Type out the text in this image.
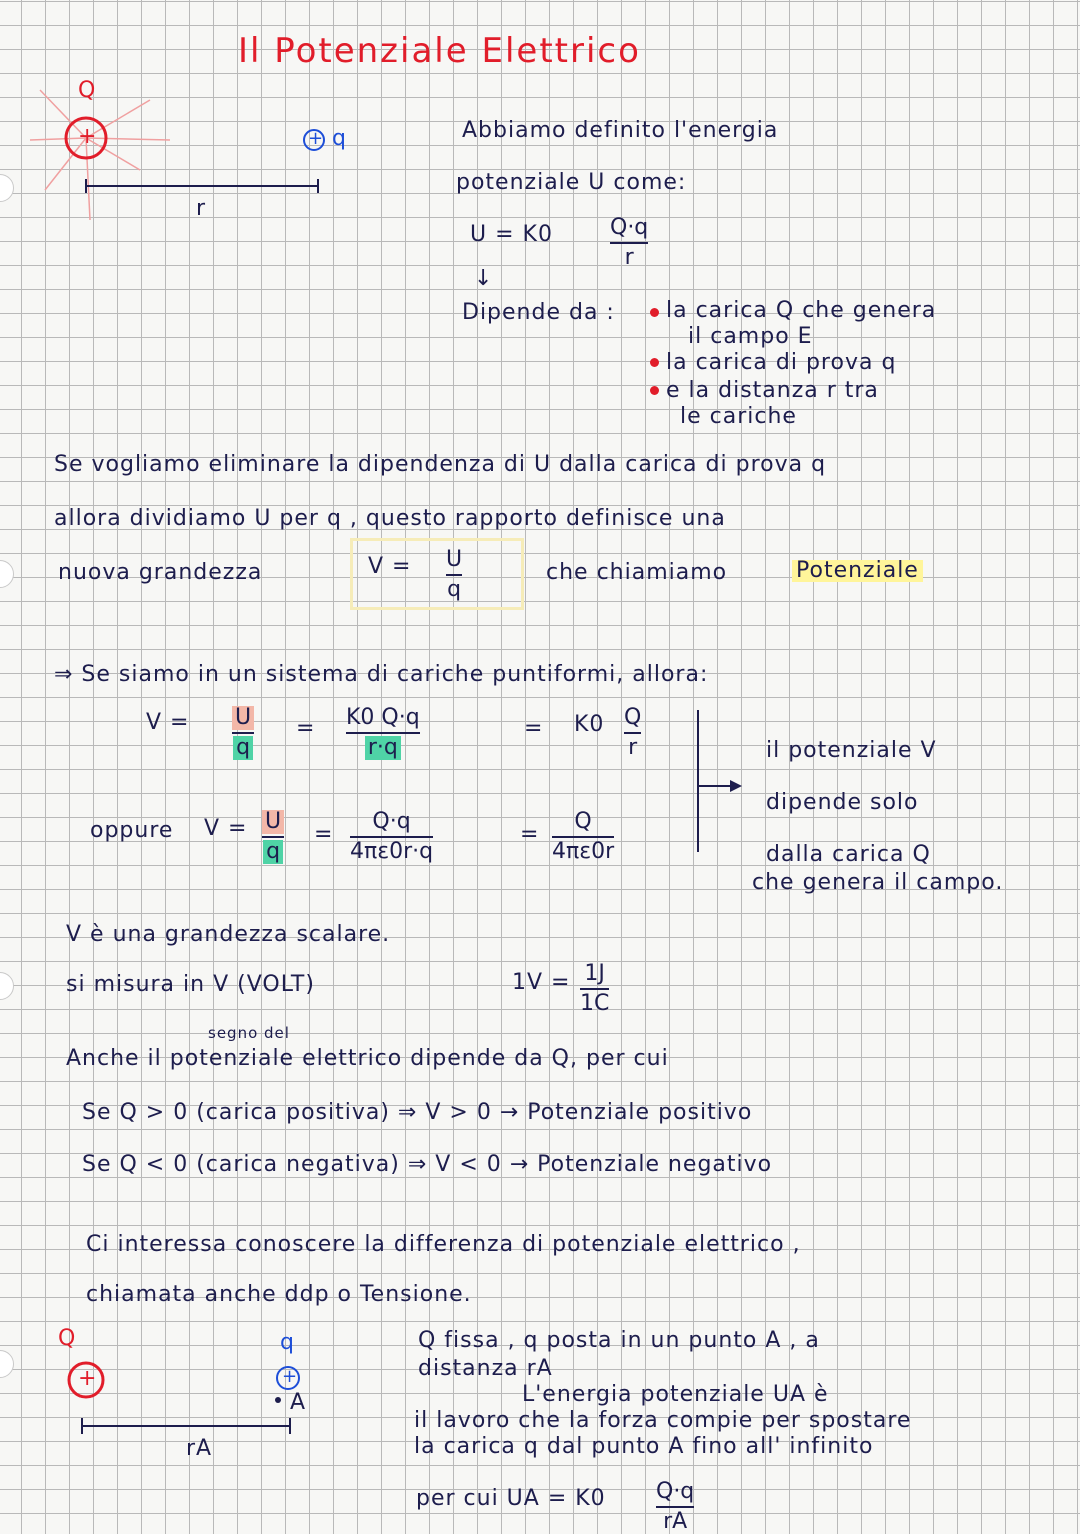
Il Potenziale Elettrico
Q
+	q
+
r
Abbiamo definito l'energia
potenziale U come:
U = K0	Q·q
r
↓
Dipende da : la carica Q che genera
il campo E
la carica di prova q
e la distanza r tra
le cariche
Se vogliamo eliminare la dipendenza di U dalla carica di prova q
allora dividiamo U per q , questo rapporto definisce una
nuova grandezza	V = U
q
che chiamiamo	Potenziale
⇒ Se siamo in un sistema di cariche puntiformi, allora:
V = U
q
= K0 Q·q
r·q
= K0 Q
r
oppure V = U
q
=
Q·q
4πε0r·q
=
Q
4πε0r
il potenziale V
dipende solo
dalla carica Q
che genera il campo.
V è una grandezza scalare.
si misura in V (VOLT)	1V = 1J
1C
segno del
Anche il potenziale elettrico dipende da Q, per cui
Se Q > 0 (carica positiva) ⇒ V > 0 → Potenziale positivo
Se Q < 0 (carica negativa) ⇒ V < 0 → Potenziale negativo
Ci interessa conoscere la differenza di potenziale elettrico ,
chiamata anche ddp o Tensione.
Q
+
q
+
A
rA
Q fissa , q posta in un punto A , a
distanza rA
L'energia potenziale UA è
il lavoro che la forza compie per spostare
la carica q dal punto A fino all' infinito
per cui UA = K0 Q·q
rA
